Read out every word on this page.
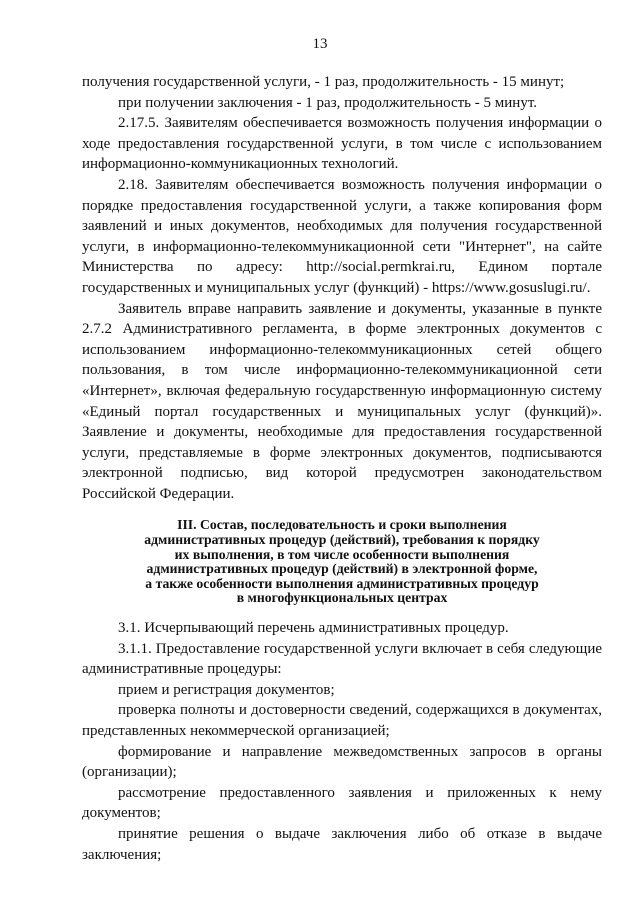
13

получения государственной услуги, - 1 раз, продолжительность - 15 минут;

при получении заключения - 1 раз, продолжительность - 5 минут.

2.17.5. Заявителям обеспечивается возможность получения информации о ходе предоставления государственной услуги, в том числе с использованием информационно-коммуникационных технологий.

2.18. Заявителям обеспечивается возможность получения информации о порядке предоставления государственной услуги, а также копирования форм заявлений и иных документов, необходимых для получения государственной услуги, в информационно-телекоммуникационной сети "Интернет", на сайте Министерства по адресу: http://social.permkrai.ru, Едином портале государственных и муниципальных услуг (функций) - https://www.gosuslugi.ru/.

Заявитель вправе направить заявление и документы, указанные в пункте 2.7.2 Административного регламента, в форме электронных документов с использованием информационно-телекоммуникационных сетей общего пользования, в том числе информационно-телекоммуникационной сети «Интернет», включая федеральную государственную информационную систему «Единый портал государственных и муниципальных услуг (функций)». Заявление и документы, необходимые для предоставления государственной услуги, представляемые в форме электронных документов, подписываются электронной подписью, вид которой предусмотрен законодательством Российской Федерации.

III. Состав, последовательность и сроки выполнения
административных процедур (действий), требования к порядку
их выполнения, в том числе особенности выполнения
административных процедур (действий) в электронной форме,
а также особенности выполнения административных процедур
в многофункциональных центрах

3.1. Исчерпывающий перечень административных процедур.

3.1.1. Предоставление государственной услуги включает в себя следующие административные процедуры:

прием и регистрация документов;

проверка полноты и достоверности сведений, содержащихся в документах, представленных некоммерческой организацией;

формирование и направление межведомственных запросов в органы (организации);

рассмотрение предоставленного заявления и приложенных к нему документов;

принятие решения о выдаче заключения либо об отказе в выдаче заключения;
